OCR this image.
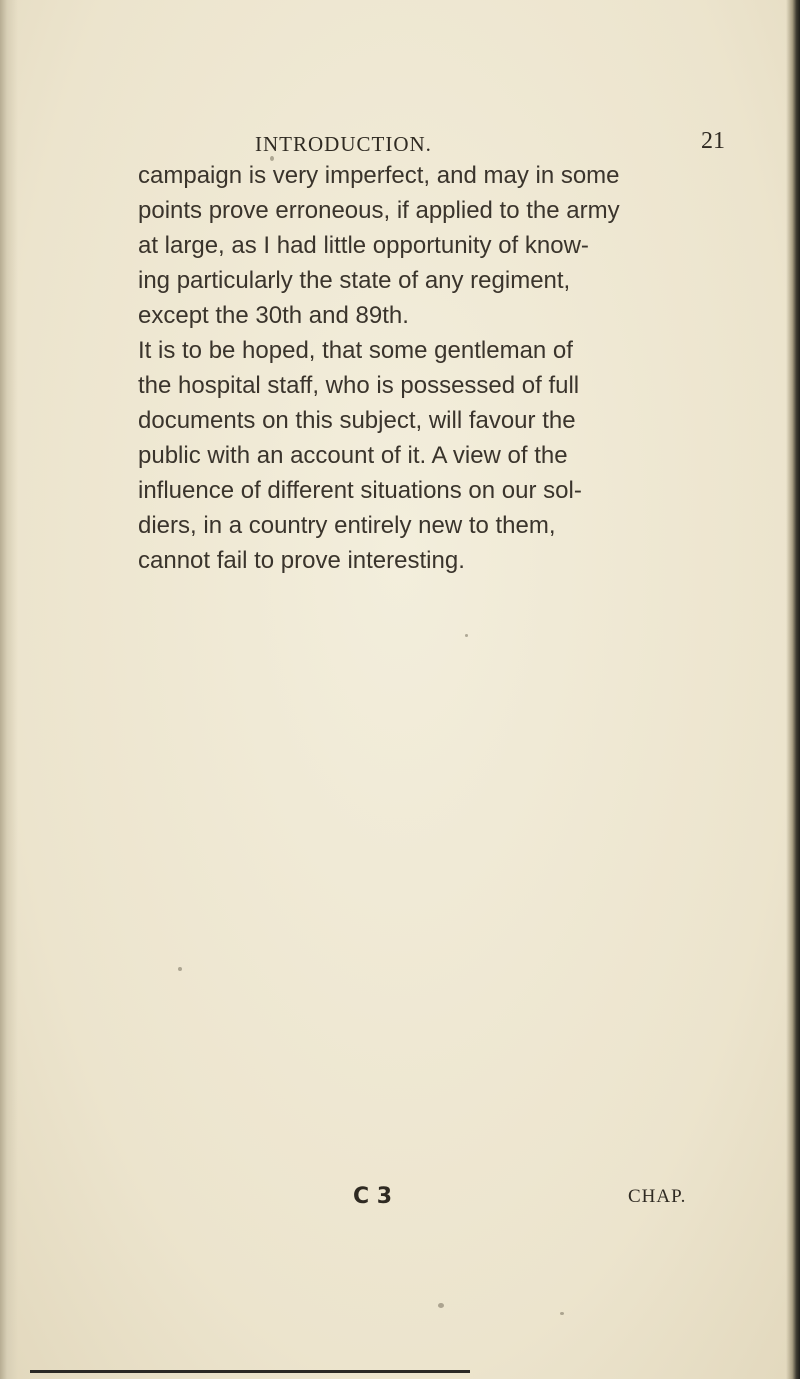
INTRODUCTION.	21
campaign is very imperfect, and may in some
points prove erroneous, if applied to the army
at large, as I had little opportunity of know-
ing particularly the state of any regiment,
except the 30th and 89th.
It is to be hoped, that some gentleman of
the hospital staff, who is possessed of full
documents on this subject, will favour the
public with an account of it. A view of the
influence of different situations on our sol-
diers, in a country entirely new to them,
cannot fail to prove interesting.
C 3	CHAP.
